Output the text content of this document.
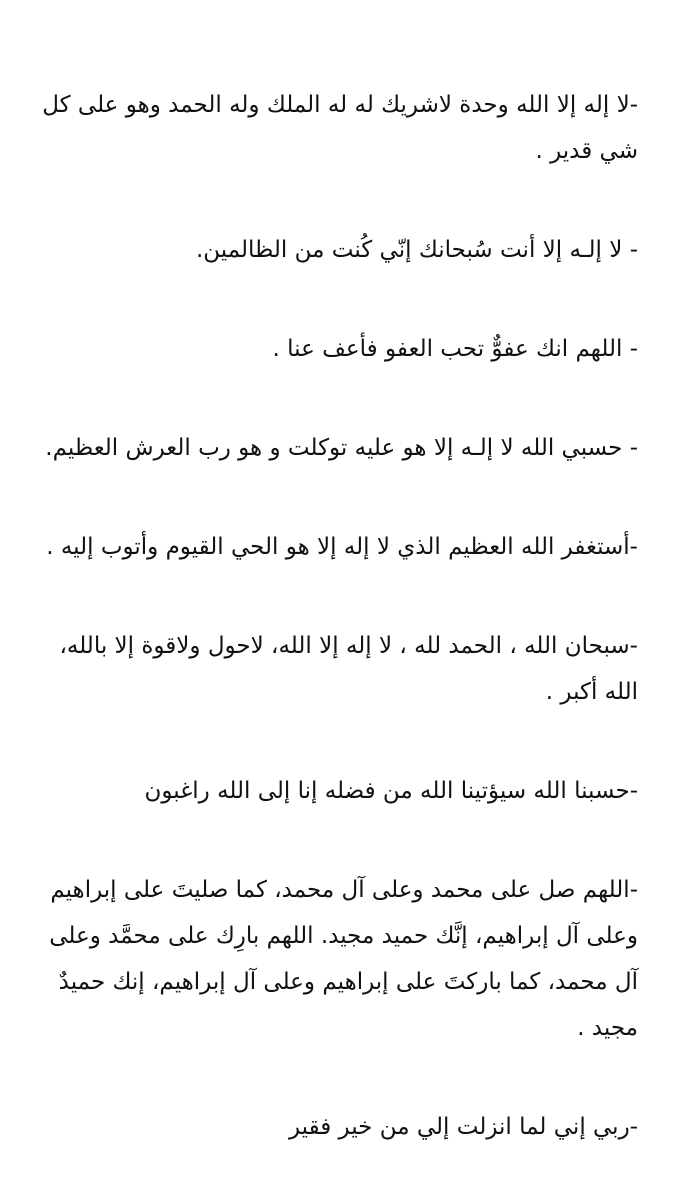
-لا إله إلا الله وحدة لاشريك له له الملك وله الحمد وهو على كل شي قدير .

- لا إلـه إلا أنت سُبحانك إنّي كُنت من الظالمين.

- اللهم انك عفوٌّ تحب العفو فأعف عنا .

- حسبي الله لا إلـه إلا هو عليه توكلت و هو رب العرش العظيم.

-أستغفر الله العظيم الذي لا إله إلا هو الحي القيوم وأتوب إليه .

-سبحان الله ، الحمد لله ، لا إله إلا الله، لاحول ولاقوة إلا بالله، الله أكبر .

-حسبنا الله سيؤتينا الله من فضله إنا إلى الله راغبون

-اللهم صل على محمد وعلى آل محمد، كما صليتَ على إبراهيم وعلى آل إبراهيم، إنَّك حميد مجيد. اللهم بارِك على محمَّد وعلى آل محمد، كما باركتَ على إبراهيم وعلى آل إبراهيم، إنك حميدٌ مجيد .

-ربي إني لما انزلت إلي من خير فقير
